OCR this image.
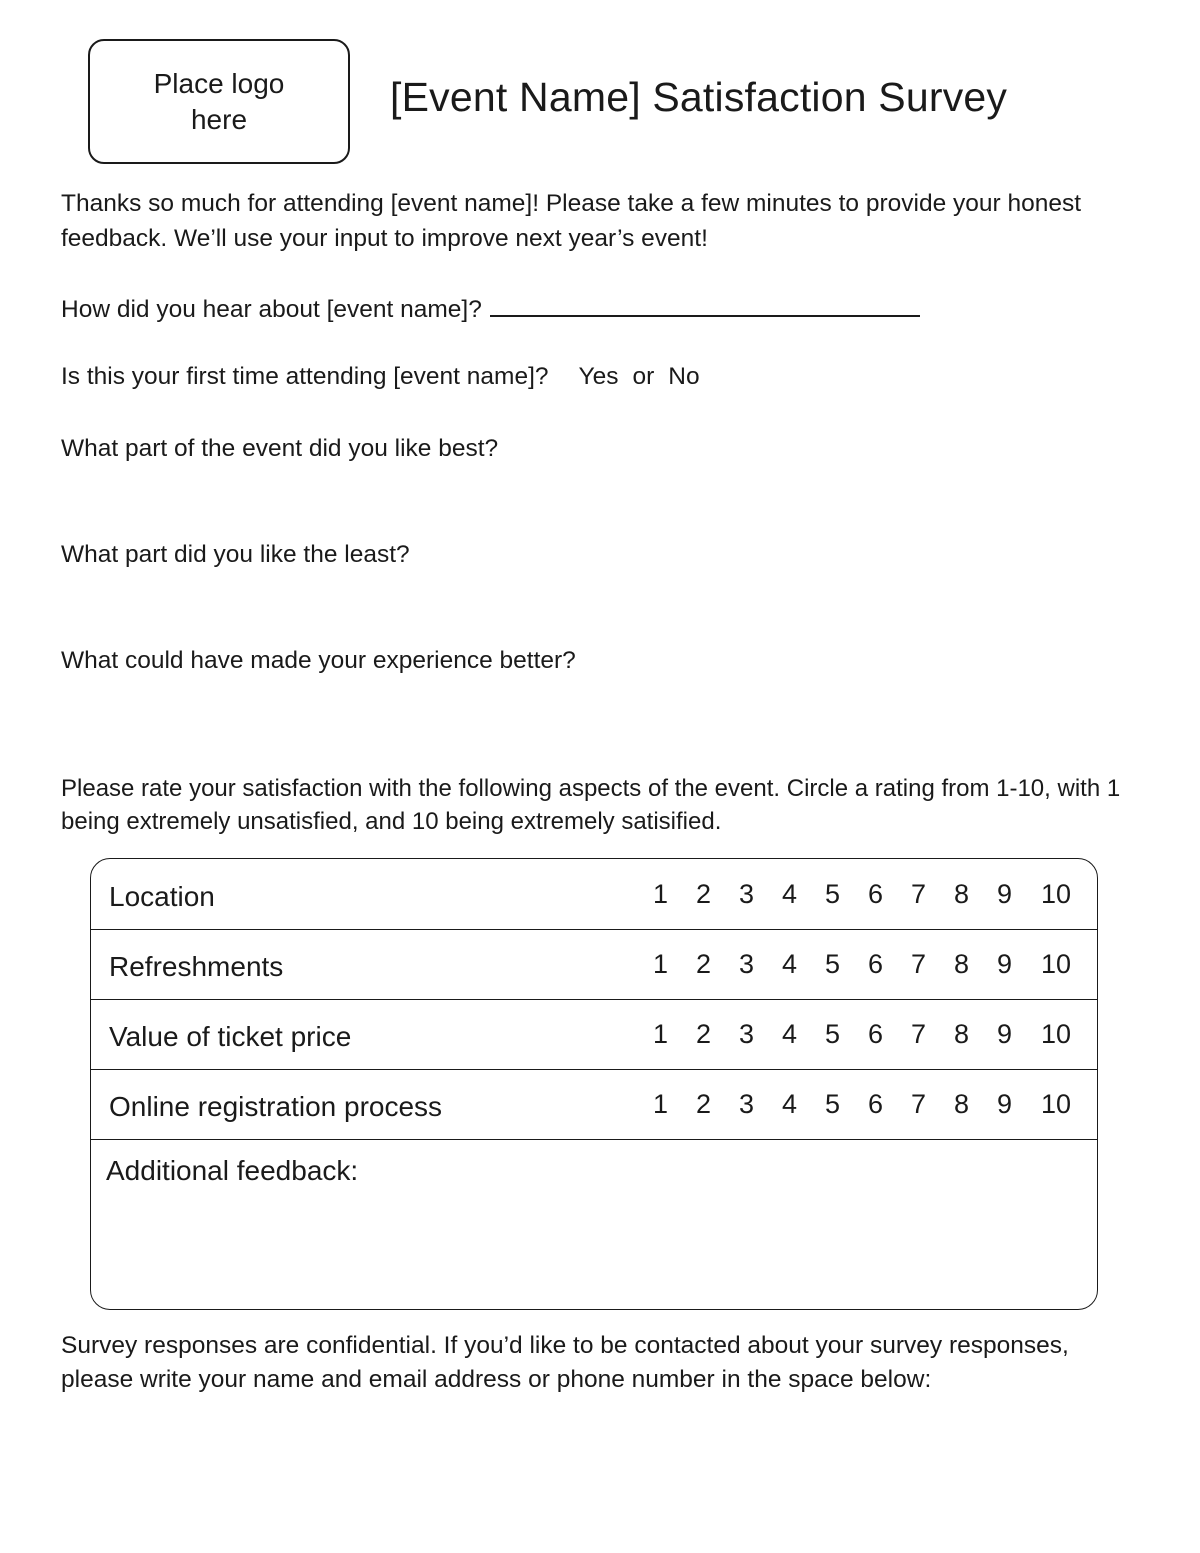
Place logo
here	[Event Name] Satisfaction Survey

Thanks so much for attending [event name]! Please take a few minutes to provide your honest feedback. We’ll use your input to improve next year’s event!

How did you hear about [event name]?

Is this your first time attending [event name]? Yes or No

What part of the event did you like best?

What part did you like the least?

What could have made your experience better?

Please rate your satisfaction with the following aspects of the event. Circle a rating from 1-10, with 1 being extremely unsatisfied, and 10 being extremely satisified.

Location	1	2	3	4	5	6	7	8	9	10
Refreshments	1	2	3	4	5	6	7	8	9	10
Value of ticket price	1	2	3	4	5	6	7	8	9	10
Online registration process	1	2	3	4	5	6	7	8	9	10
Additional feedback:

Survey responses are confidential. If you’d like to be contacted about your survey responses, please write your name and email address or phone number in the space below:
